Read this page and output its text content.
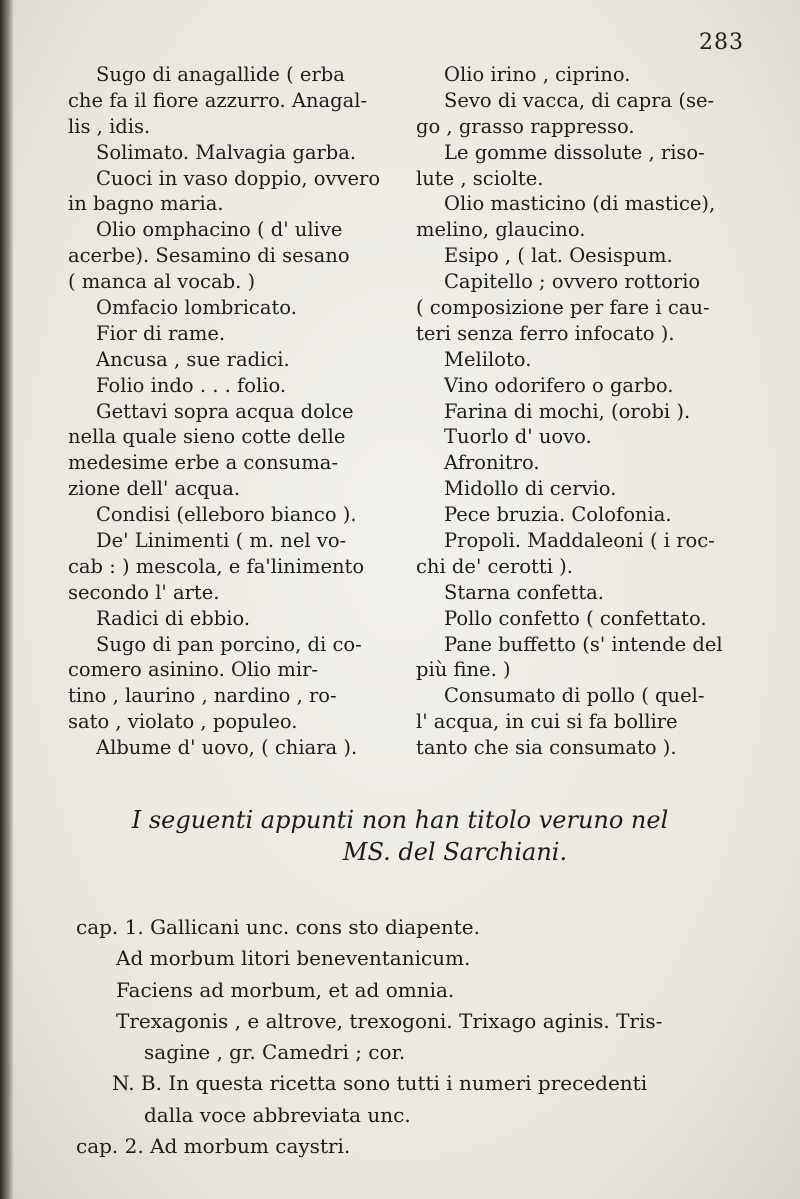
283
Sugo di anagallide ( erba
che fa il fiore azzurro. Anagal-
lis , idis.
Solimato. Malvagia garba.
Cuoci in vaso doppio, ovvero
in bagno maria.
Olio omphacino ( d' ulive
acerbe). Sesamino di sesano
( manca al vocab. )
Omfacio lombricato.
Fior di rame.
Ancusa , sue radici.
Folio indo . . . folio.
Gettavi sopra acqua dolce
nella quale sieno cotte delle
medesime erbe a consuma-
zione dell' acqua.
Condisi (elleboro bianco ).
De' Linimenti ( m. nel vo-
cab : ) mescola, e fa'linimento
secondo l' arte.
Radici di ebbio.
Sugo di pan porcino, di co-
comero asinino. Olio mir-
tino , laurino , nardino , ro-
sato , violato , populeo.
Albume d' uovo, ( chiara ).
Olio irino , ciprino.
Sevo di vacca, di capra (se-
go , grasso rappresso.
Le gomme dissolute , riso-
lute , sciolte.
Olio masticino (di mastice),
melino, glaucino.
Esipo , ( lat. Oesispum.
Capitello ; ovvero rottorio
( composizione per fare i cau-
teri senza ferro infocato ).
Meliloto.
Vino odorifero o garbo.
Farina di mochi, (orobi ).
Tuorlo d' uovo.
Afronitro.
Midollo di cervio.
Pece bruzia. Colofonia.
Propoli. Maddaleoni ( i roc-
chi de' cerotti ).
Starna confetta.
Pollo confetto ( confettato.
Pane buffetto (s' intende del
più fine. )
Consumato di pollo ( quel-
l' acqua, in cui si fa bollire
tanto che sia consumato ).
I seguenti appunti non han titolo veruno nel
MS. del Sarchiani.
cap. 1. Gallicani unc. cons sto diapente.
Ad morbum litori beneventanicum.
Faciens ad morbum, et ad omnia.
Trexagonis , e altrove, trexogoni. Trixago aginis. Tris-
sagine , gr. Camedri ; cor.
N. B. In questa ricetta sono tutti i numeri precedenti
dalla voce abbreviata unc.
cap. 2. Ad morbum caystri.
